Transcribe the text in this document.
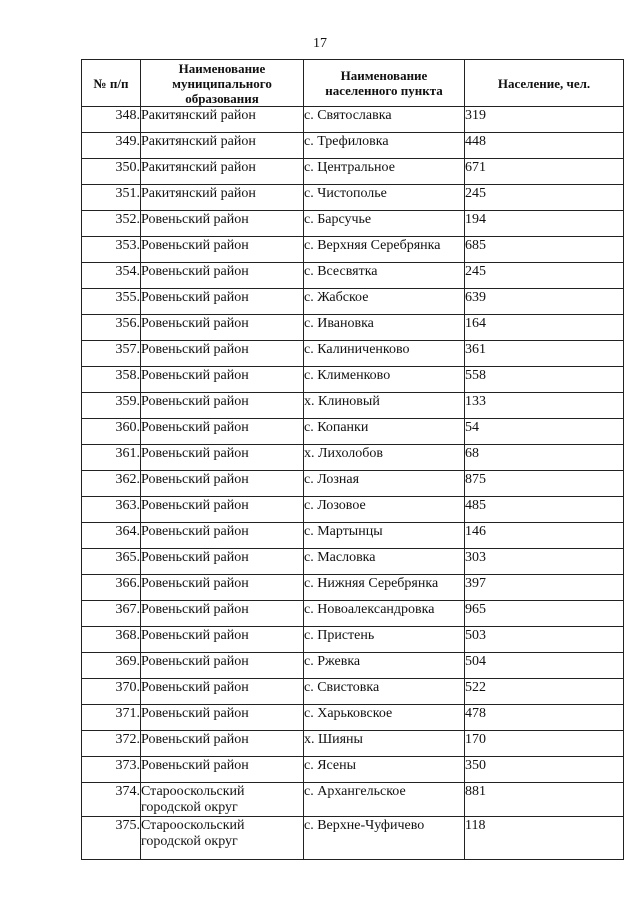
17
№ п/п	Наименование муниципального образования	Наименование населенного пункта	Население, чел.
348.	Ракитянский район	с. Святославка	319
349.	Ракитянский район	с. Трефиловка	448
350.	Ракитянский район	с. Центральное	671
351.	Ракитянский район	с. Чистополье	245
352.	Ровеньский район	с. Барсучье	194
353.	Ровеньский район	с. Верхняя Серебрянка	685
354.	Ровеньский район	с. Всесвятка	245
355.	Ровеньский район	с. Жабское	639
356.	Ровеньский район	с. Ивановка	164
357.	Ровеньский район	с. Калиниченково	361
358.	Ровеньский район	с. Клименково	558
359.	Ровеньский район	х. Клиновый	133
360.	Ровеньский район	с. Копанки	54
361.	Ровеньский район	х. Лихолобов	68
362.	Ровеньский район	с. Лозная	875
363.	Ровеньский район	с. Лозовое	485
364.	Ровеньский район	с. Мартынцы	146
365.	Ровеньский район	с. Масловка	303
366.	Ровеньский район	с. Нижняя Серебрянка	397
367.	Ровеньский район	с. Новоалександровка	965
368.	Ровеньский район	с. Пристень	503
369.	Ровеньский район	с. Ржевка	504
370.	Ровеньский район	с. Свистовка	522
371.	Ровеньский район	с. Харьковское	478
372.	Ровеньский район	х. Шияны	170
373.	Ровеньский район	с. Ясены	350
374.	Старооскольский городской округ	с. Архангельское	881
375.	Старооскольский городской округ	с. Верхне-Чуфичево	118
